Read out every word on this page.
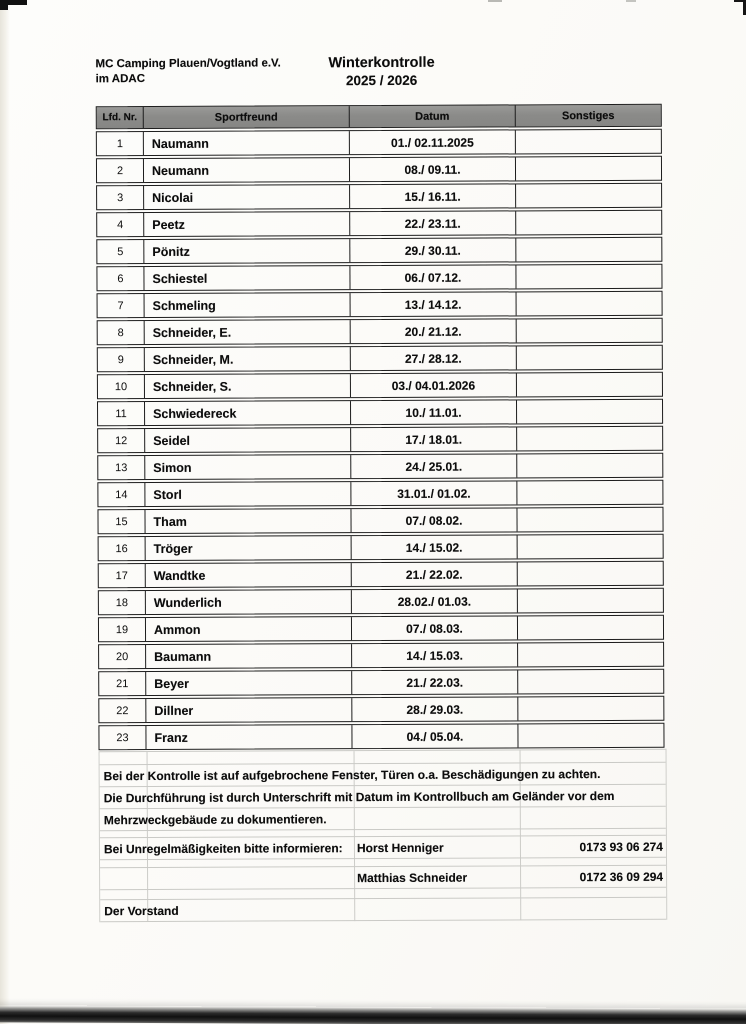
MC Camping Plauen/Vogtland e.V.
im ADAC
Winterkontrolle
2025 / 2026
Lfd. Nr.	Sportfreund	Datum	Sonstiges
1	Naumann	01./ 02.11.2025
2	Neumann	08./ 09.11.
3	Nicolai	15./ 16.11.
4	Peetz	22./ 23.11.
5	Pönitz	29./ 30.11.
6	Schiestel	06./ 07.12.
7	Schmeling	13./ 14.12.
8	Schneider, E.	20./ 21.12.
9	Schneider, M.	27./ 28.12.
10	Schneider, S.	03./ 04.01.2026
11	Schwiedereck	10./ 11.01.
12	Seidel	17./ 18.01.
13	Simon	24./ 25.01.
14	Storl	31.01./ 01.02.
15	Tham	07./ 08.02.
16	Tröger	14./ 15.02.
17	Wandtke	21./ 22.02.
18	Wunderlich	28.02./ 01.03.
19	Ammon	07./ 08.03.
20	Baumann	14./ 15.03.
21	Beyer	21./ 22.03.
22	Dillner	28./ 29.03.
23	Franz	04./ 05.04.
Bei der Kontrolle ist auf aufgebrochene Fenster, Türen o.a. Beschädigungen zu achten.
Die Durchführung ist durch Unterschrift mit Datum im Kontrollbuch am Geländer vor dem
Mehrzweckgebäude zu dokumentieren.
Bei Unregelmäßigkeiten bitte informieren:	Horst Henniger	0173 93 06 274
Matthias Schneider	0172 36 09 294
Der Vorstand
